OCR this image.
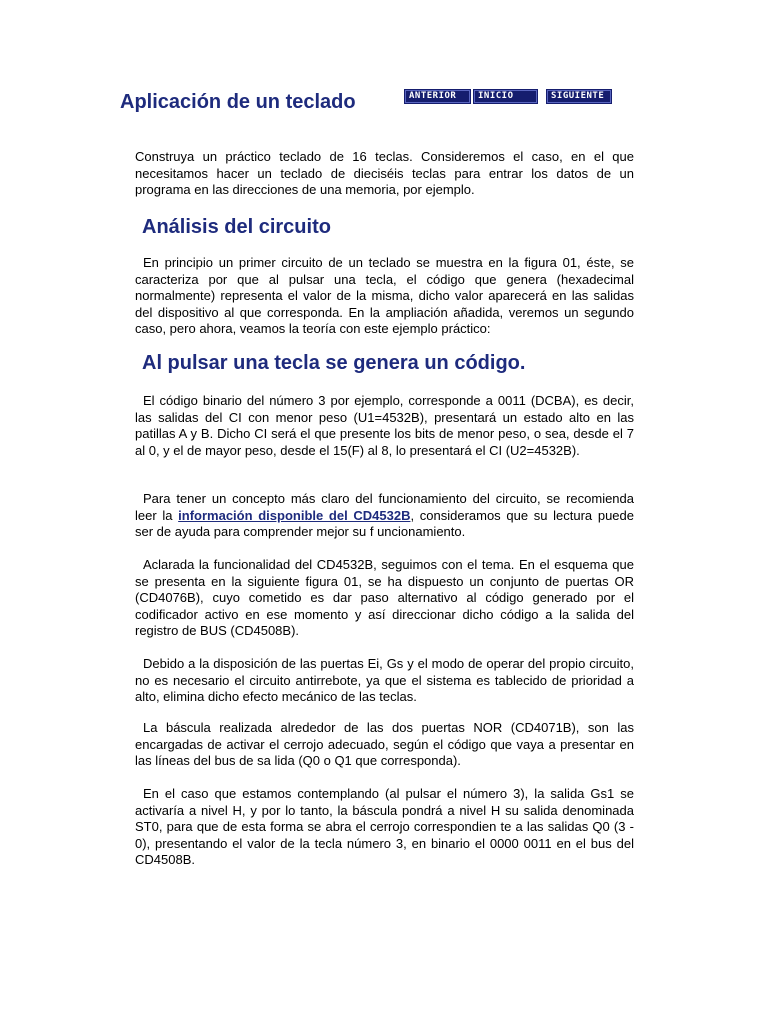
Aplicación de un teclado	ANTERIOR	INICIO	SIGUIENTE

Construya un práctico teclado de 16 teclas. Consideremos el caso, en el que necesitamos hacer un teclado de dieciséis teclas para entrar los datos de un programa en las direcciones de una memoria, por ejemplo.

Análisis del circuito

En principio un primer circuito de un teclado se muestra en la figura 01, éste, se caracteriza por que al pulsar una tecla, el código que genera (hexadecimal normalmente) representa el valor de la misma, dicho valor aparecerá en las salidas del dispositivo al que corresponda. En la ampliación añadida, veremos un segundo caso, pero ahora, veamos la teoría con este ejemplo práctico:

Al pulsar una tecla se genera un código.

El código binario del número 3 por ejemplo, corresponde a 0011 (DCBA), es decir, las salidas del CI con menor peso (U1=4532B), presentará un estado alto en las patillas A y B. Dicho CI será el que presente los bits de menor peso, o sea, desde el 7 al 0, y el de mayor peso, desde el 15(F) al 8, lo presentará el CI (U2=4532B).

Para tener un concepto más claro del funcionamiento del circuito, se recomienda leer la información disponible del CD4532B, consideramos que su lectura puede ser de ayuda para comprender mejor su f uncionamiento.

Aclarada la funcionalidad del CD4532B, seguimos con el tema. En el esquema que se presenta en la siguiente figura 01, se ha dispuesto un conjunto de puertas OR (CD4076B), cuyo cometido es dar paso alternativo al código generado por el codificador activo en ese momento y así direccionar dicho código a la salida del registro de BUS (CD4508B).

Debido a la disposición de las puertas Ei, Gs y el modo de operar del propio circuito, no es necesario el circuito antirrebote, ya que el sistema es tablecido de prioridad a alto, elimina dicho efecto mecánico de las teclas.

La báscula realizada alrededor de las dos puertas NOR (CD4071B), son las encargadas de activar el cerrojo adecuado, según el código que vaya a presentar en las líneas del bus de sa lida (Q0 o Q1 que corresponda).

En el caso que estamos contemplando (al pulsar el número 3), la salida Gs1 se activaría a nivel H, y por lo tanto, la báscula pondrá a nivel H su salida denominada ST0, para que de esta forma se abra el cerrojo correspondien te a las salidas Q0 (3 - 0), presentando el valor de la tecla número 3, en binario el 0000 0011 en el bus del CD4508B.
